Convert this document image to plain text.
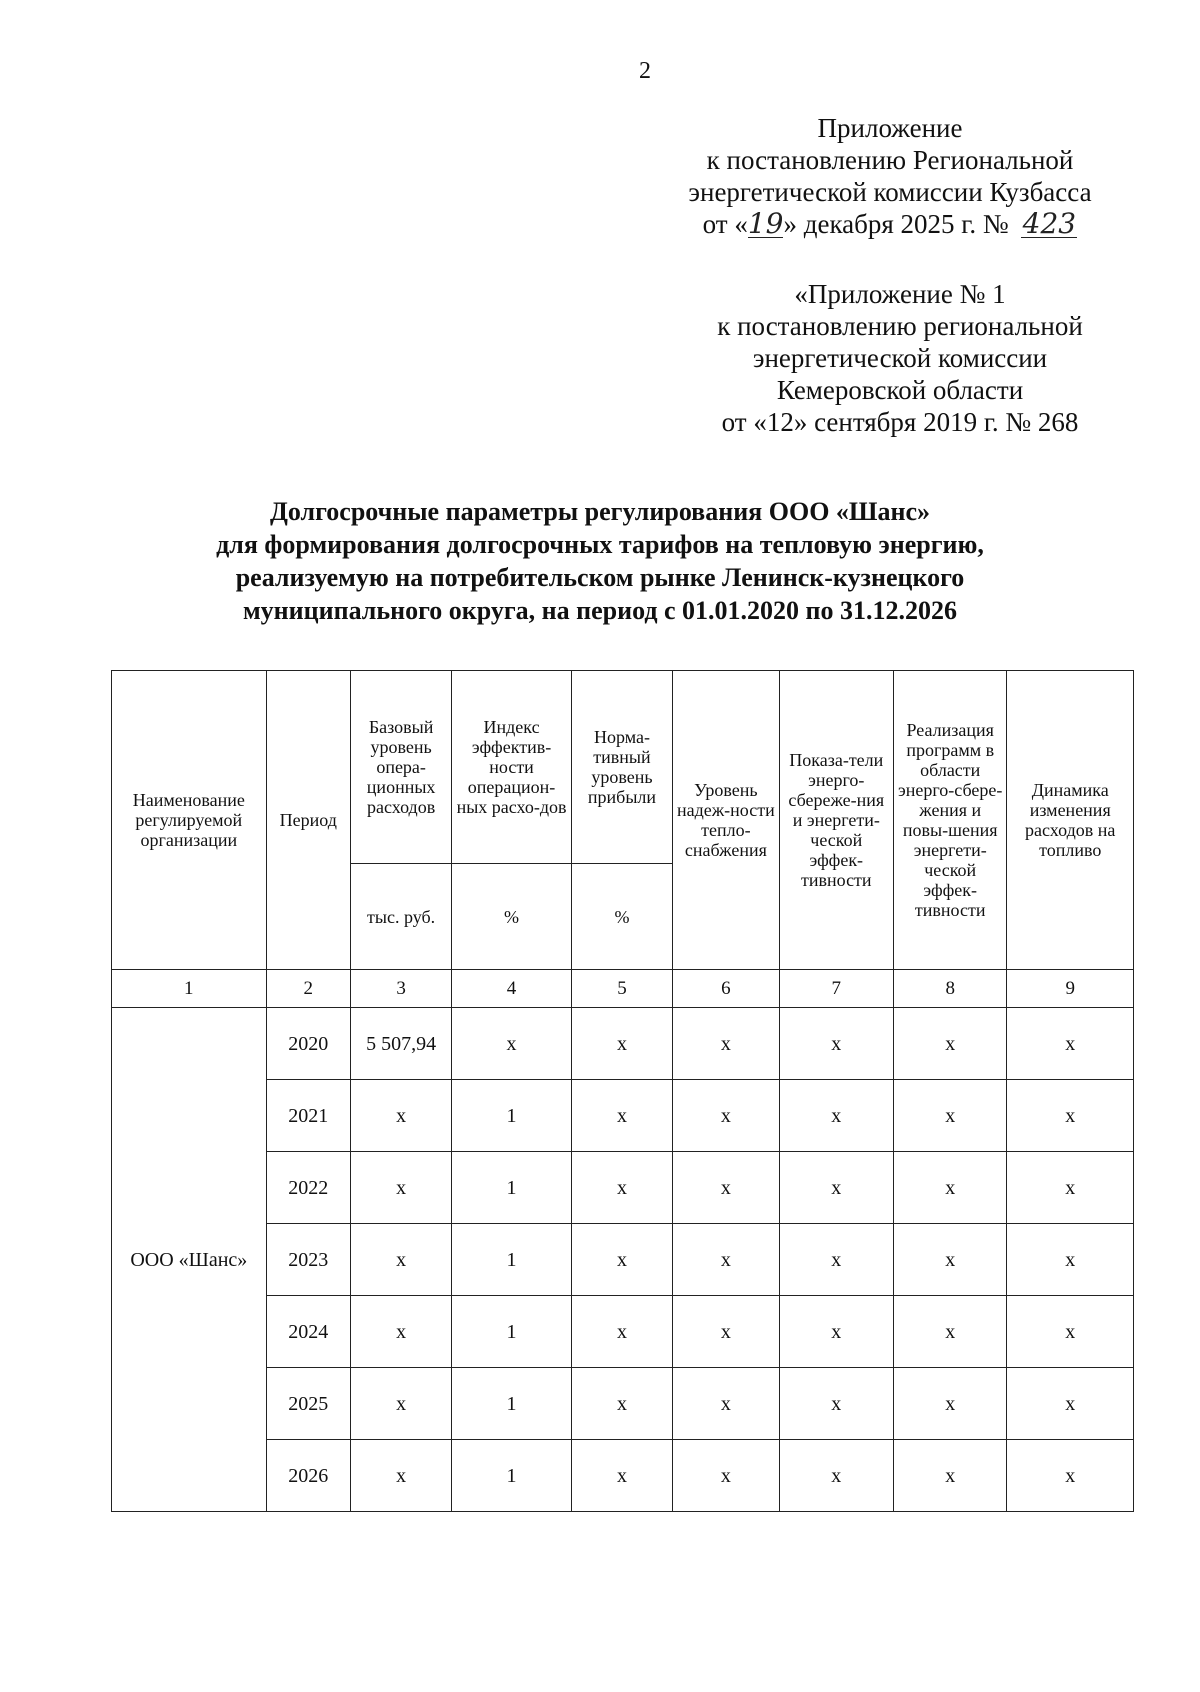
2
Приложение
к постановлению Региональной
энергетической комиссии Кузбасса
от «19» декабря 2025 г. № 423
«Приложение № 1
к постановлению региональной
энергетической комиссии
Кемеровской области
от «12» сентября 2019 г. № 268
Долгосрочные параметры регулирования ООО «Шанс»
для формирования долгосрочных тарифов на тепловую энергию,
реализуемую на потребительском рынке Ленинск-кузнецкого
муниципального округа, на период с 01.01.2020 по 31.12.2026
Наименование регулируемой организации	Период	Базовый уровень опера-ционных расходов	Индекс эффектив-ности операцион-ных расхо-дов	Норма-тивный уровень прибыли	Уровень надеж-ности тепло-снабжения	Показа-тели энерго-сбереже-ния и энергети-ческой эффек-тивности	Реализация программ в области энерго-сбере-жения и повы-шения энергети-ческой эффек-тивности	Динамика изменения расходов на топливо
		тыс. руб.	%	%				
1	2	3	4	5	6	7	8	9
ООО «Шанс»	2020	5 507,94	x	x	x	x	x	x
	2021	x	1	x	x	x	x	x
	2022	x	1	x	x	x	x	x
	2023	x	1	x	x	x	x	x
	2024	x	1	x	x	x	x	x
	2025	x	1	x	x	x	x	x
	2026	x	1	x	x	x	x	x
